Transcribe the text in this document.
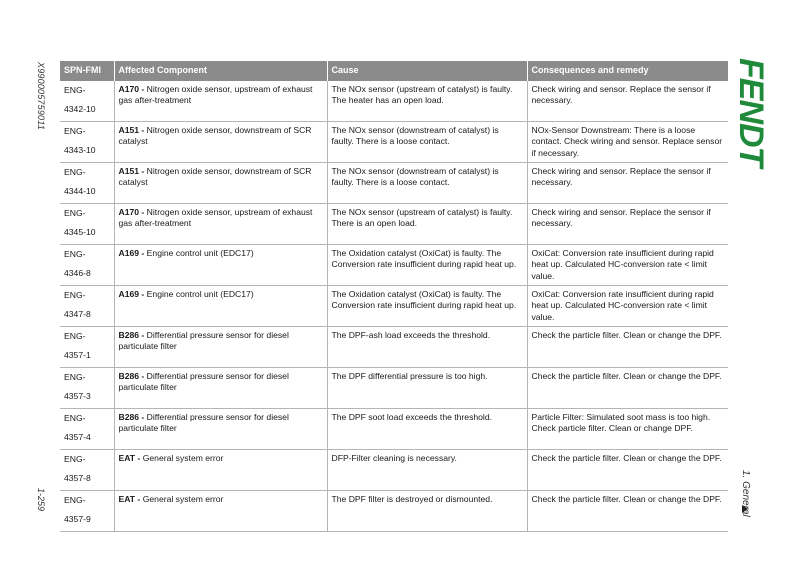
X990005759011
1-259
FENDT
1. General
SPN-FMI	Affected Component	Cause	Consequences and remedy
ENG-
4342-10	A170 - Nitrogen oxide sensor, upstream of exhaust gas after-treatment	The NOx sensor (upstream of catalyst) is faulty. The heater has an open load.	Check wiring and sensor. Replace the sensor if necessary.
ENG-
4343-10	A151 - Nitrogen oxide sensor, downstream of SCR catalyst	The NOx sensor (downstream of catalyst) is faulty. There is a loose contact.	NOx-Sensor Downstream: There is a loose contact. Check wiring and sensor. Replace sensor if necessary.
ENG-
4344-10	A151 - Nitrogen oxide sensor, downstream of SCR catalyst	The NOx sensor (downstream of catalyst) is faulty. There is a loose contact.	Check wiring and sensor. Replace the sensor if necessary.
ENG-
4345-10	A170 - Nitrogen oxide sensor, upstream of exhaust gas after-treatment	The NOx sensor (upstream of catalyst) is faulty. There is an open load.	Check wiring and sensor. Replace the sensor if necessary.
ENG-
4346-8	A169 - Engine control unit (EDC17)	The Oxidation catalyst (OxiCat) is faulty. The Conversion rate insufficient during rapid heat up.	OxiCat: Conversion rate insufficient during rapid heat up. Calculated HC-conversion rate < limit value.
ENG-
4347-8	A169 - Engine control unit (EDC17)	The Oxidation catalyst (OxiCat) is faulty. The Conversion rate insufficient during rapid heat up.	OxiCat: Conversion rate insufficient during rapid heat up. Calculated HC-conversion rate < limit value.
ENG-
4357-1	B286 - Differential pressure sensor for diesel particulate filter	The DPF-ash load exceeds the threshold.	Check the particle filter. Clean or change the DPF.
ENG-
4357-3	B286 - Differential pressure sensor for diesel particulate filter	The DPF differential pressure is too high.	Check the particle filter. Clean or change the DPF.
ENG-
4357-4	B286 - Differential pressure sensor for diesel particulate filter	The DPF soot load exceeds the threshold.	Particle Filter: Simulated soot mass is too high. Check particle filter. Clean or change DPF.
ENG-
4357-8	EAT - General system error	DFP-Filter cleaning is necessary.	Check the particle filter. Clean or change the DPF.
ENG-
4357-9	EAT - General system error	The DPF filter is destroyed or dismounted.	Check the particle filter. Clean or change the DPF.
